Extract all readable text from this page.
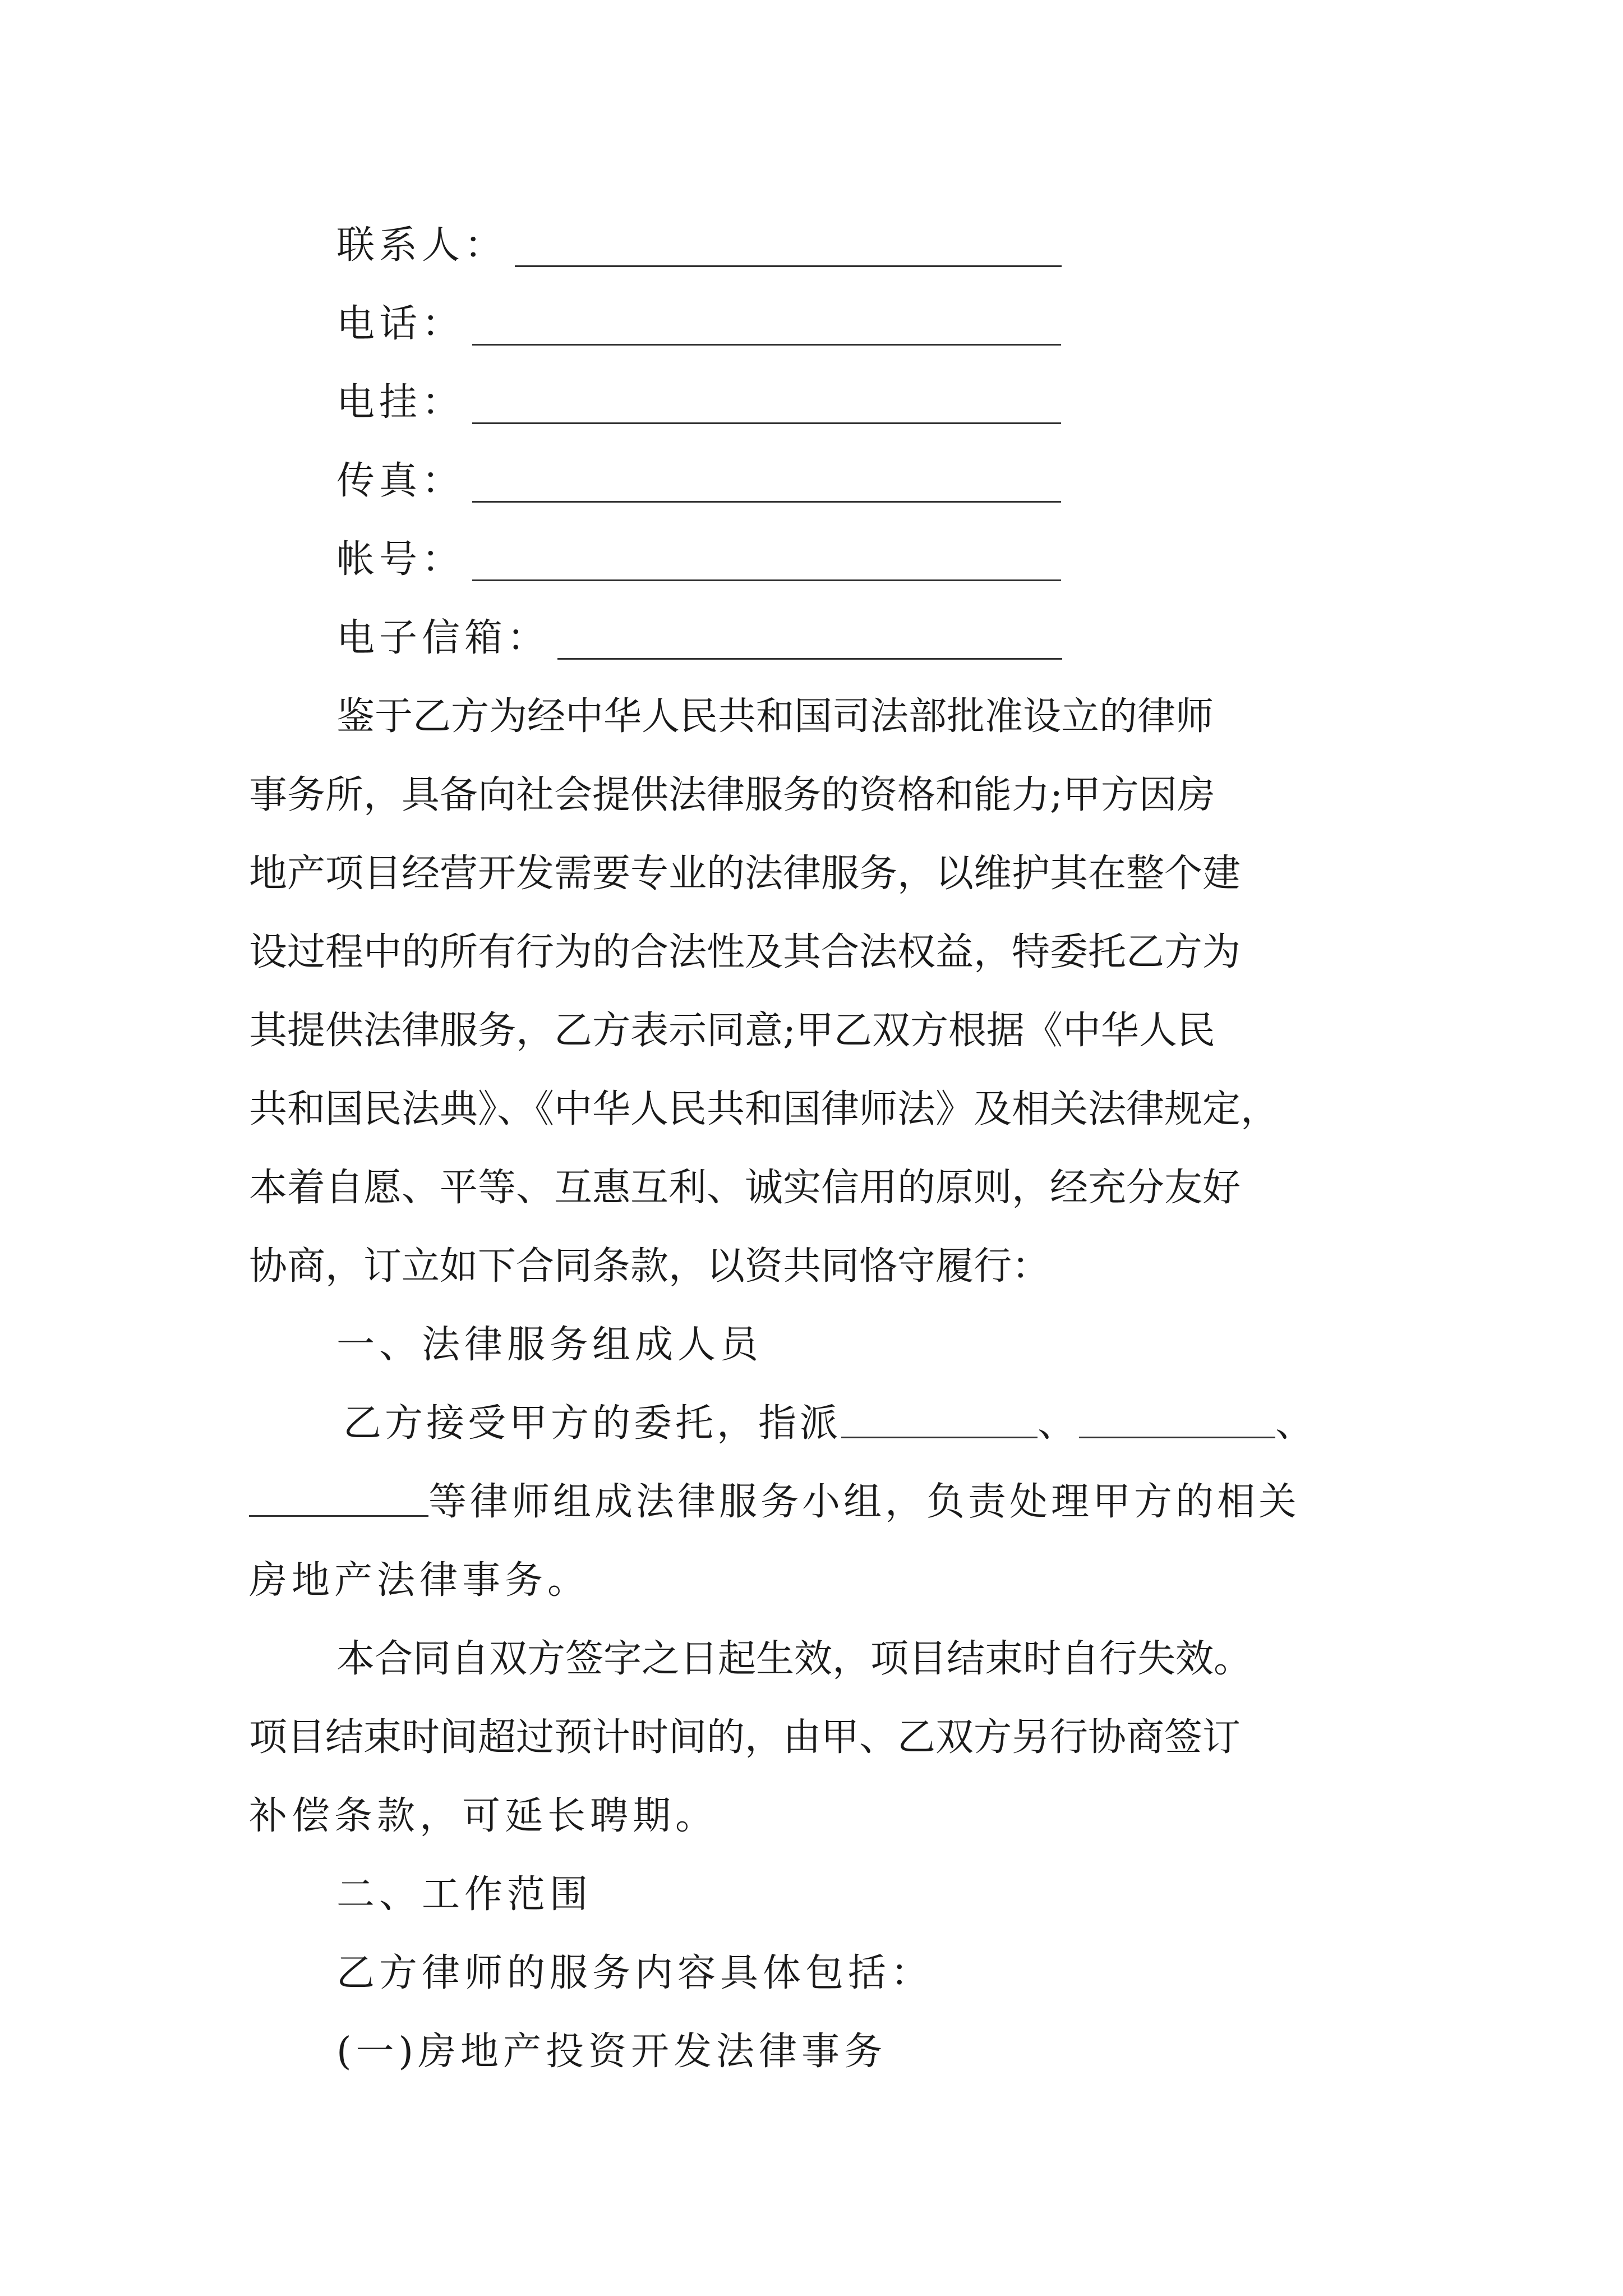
联系人：
电话：
电挂：
传真：
帐号：
电子信箱：
鉴于乙方为经中华人民共和国司法部批准设立的律师
事务所，具备向社会提供法律服务的资格和能力;甲方因房
地产项目经营开发需要专业的法律服务，以维护其在整个建
设过程中的所有行为的合法性及其合法权益，特委托乙方为
其提供法律服务，乙方表示同意;甲乙双方根据《中华人民
共和国民法典》、《中华人民共和国律师法》及相关法律规定，
本着自愿、平等、互惠互利、诚实信用的原则，经充分友好
协商，订立如下合同条款，以资共同恪守履行：
一、法律服务组成人员
乙方接受甲方的委托，指派	、	、
等律师组成法律服务小组，负责处理甲方的相关
房地产法律事务。
本合同自双方签字之日起生效，项目结束时自行失效。
项目结束时间超过预计时间的，由甲、乙双方另行协商签订
补偿条款，可延长聘期。
二、工作范围
乙方律师的服务内容具体包括：
(一)房地产投资开发法律事务
